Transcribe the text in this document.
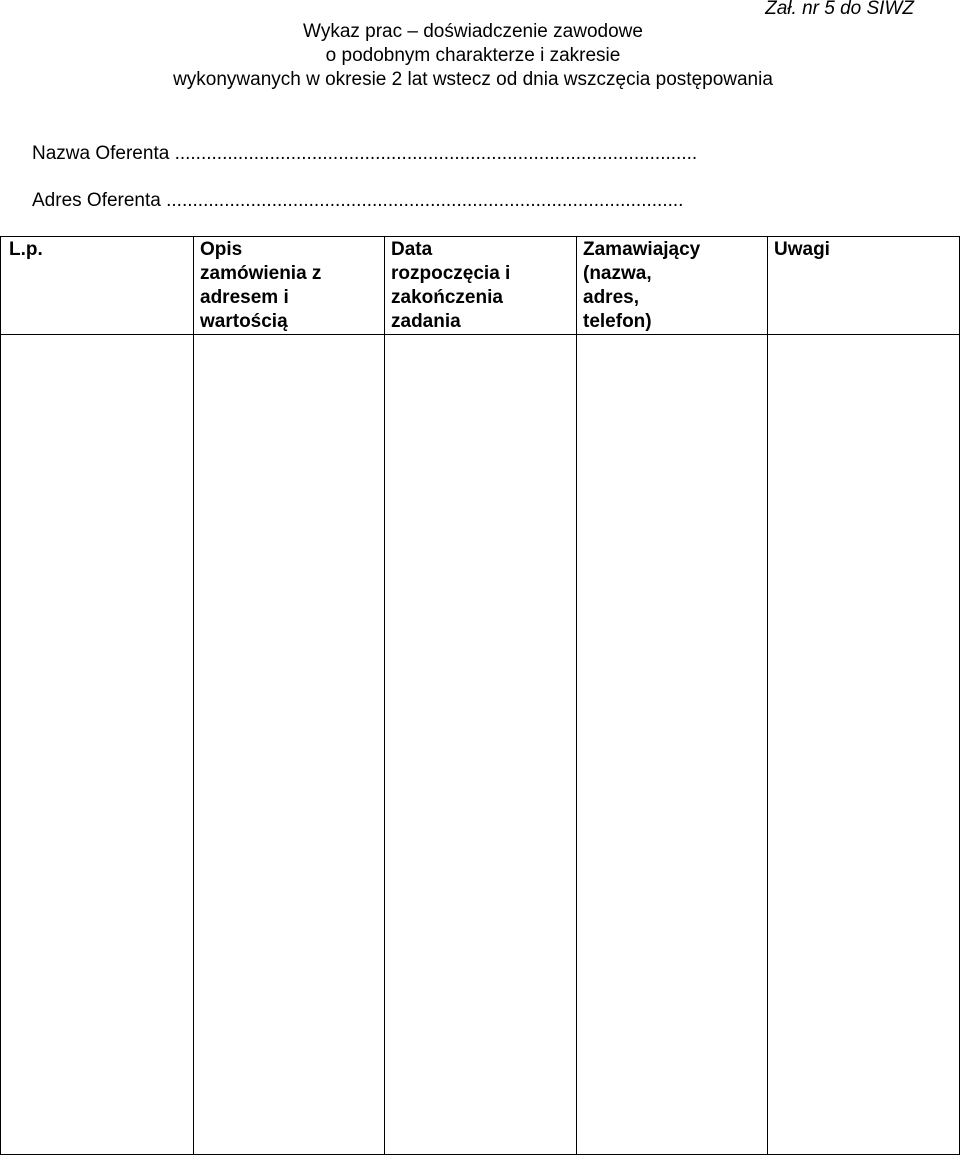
Zał. nr 5 do SIWZ
Wykaz prac – doświadczenie zawodowe
o podobnym charakterze i zakresie
wykonywanych w okresie 2 lat wstecz od dnia wszczęcia postępowania
Nazwa Oferenta ...................................................................................................
Adres Oferenta ..................................................................................................
L.p.	Opis
zamówienia z
adresem i
wartością	Data
rozpoczęcia i
zakończenia
zadania	Zamawiający
(nazwa,
adres,
telefon)	Uwagi
